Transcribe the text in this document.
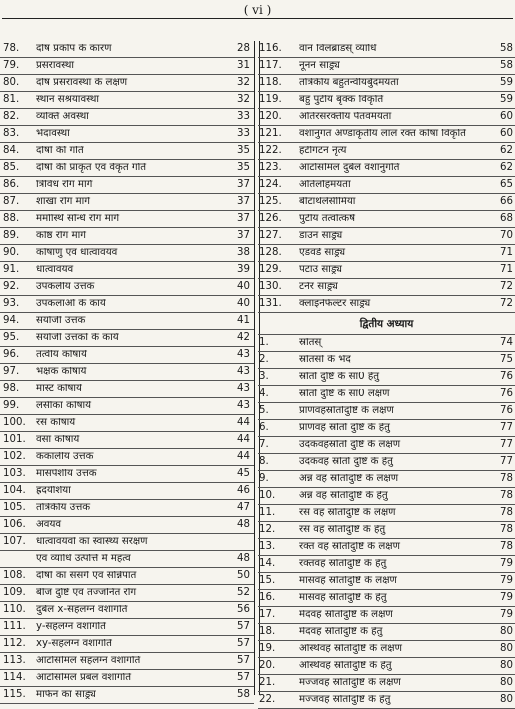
( vi )
78.	दोष प्रकोप के कारण	28
79.	प्रसरावस्था	31
80.	दोष प्रसरावस्था के लक्षण	32
81.	स्थान संश्रयावस्था	32
82.	व्यक्ति अवस्था	33
83.	भेदावस्था	33
84.	दोषों की गति	35
85.	दोषों की प्राकृत एवं वैकृत गति	35
86.	त्रिविध रोग मार्ग	37
87.	शाखा रोग मार्ग	37
88.	मर्मास्थि सन्धि रोग मार्ग	37
89.	कोष्ठ रोग मार्ग	37
90.	कोषाणु एवं धात्वावयव	38
91.	धात्वावयव	39
92.	उपकलीय उत्तक	40
93.	उपकलाओं के कार्य	40
94.	संयोजी उत्तक	41
95.	संयोजी उत्तकों के कार्य	42
96.	तंत्वीय कोषायें	43
97.	भक्षक कोषायें	43
98.	मास्ट कोषायें	43
99.	लसीका कोषायें	43
100.	रस कोषायें	44
101.	वसा कोषायें	44
102.	कंकालीय उत्तक	44
103.	मांसपेशीय उत्तक	45
104.	ह्रदयेशियां	46
105.	तंत्रिकीय उत्तक	47
106.	अवयव	48
107.	धात्वावयवों का स्वास्थ्य संरक्षण
एवं व्याधि उत्पत्ति में महत्व	48
108.	दोषों का संसर्ग एवं सन्निपात	50
109.	बीज दुष्टि एवं तज्जनित रोग	52
110.	दुर्बल x-सहलग्न वंशागति	56
111.	y-सहलग्न वंशागति	57
112.	xy-सहलग्न वंशागति	57
113.	आटोसोमल सहलग्न वंशागति	57
114.	आटोसोमल प्रबल वंशागति	57
115.	मार्फन का साड्र्य	58
116.	वान विलब्राडस् व्याधि	58
117.	नूनन साड्र्य	58
118.	तंत्रिकीय बहुतन्वीयर्बुदमयता	59
119.	बहु पुटीय बृक्क विकृति	59
120.	अतिरसरक्तीय पैतवमयता	60
121.	वंशानुगत अण्डाकृतीय लाल रक्त कोषा विकृति	60
122.	हंटींगटन नृत्य	62
123.	आटोसोमल दुर्बल वशांनुगति	62
124.	अतिलौहमयता	65
125.	बीटाथेलेसीमिया	66
126.	पुटीय तंत्वोत्कर्ष	68
127.	डाउन साड्र्य	70
128.	एडवर्ड साड्र्य	71
129.	पटाउ साड्र्य	71
130.	टर्नर साड्र्य	72
131.	क्लाइनेफेल्टर साड्र्य	72
द्वितीय अध्याय
1.	स्रोतस्	74
2.	स्रोतसों के भेद	75
3.	स्रोतो दुष्टि के सा0 हेतु	76
4.	स्रोतो दुष्टि के सा0 लक्षण	76
5.	प्राणवहस्रोतोदुष्टि के लक्षण	76
6.	प्राणवह स्रोतो दुष्टि के हेतु	77
7.	उदकवहस्रोतो दुष्टि के लक्षण	77
8.	उदकवह स्रोतो दुष्टि के हेतु	77
9.	अन्न वह स्रोतोदुष्टि के लक्षण	78
10.	अन्न वह स्रोतोदुष्टि के हेतु	78
11.	रस वह स्रोतोदुष्टि के लक्षण	78
12.	रस वह स्रोतोदुष्टि के हेतु	78
13.	रक्त वह स्रोतोदुष्टि के लक्षण	78
14.	रक्तवह स्रोतोदुष्टि के हेतु	79
15.	मांसवह स्रोतोदुष्टि के लक्षण	79
16.	मांसवह स्रोतोदुष्टि के हेतु	79
17.	मेदवह स्रोतोदुष्टि के लक्षण	79
18.	मेदवह स्रोतोदुष्टि के हेतु	80
19.	अस्थिवह स्रोतोदुष्टि के लक्षण	80
20.	अस्थिवह स्रोतोदुष्टि के हेतु	80
21.	मज्जवह स्रोतोदुष्टि के लक्षण	80
22.	मज्जवह स्रोतोदुष्टि के हेतु	80
